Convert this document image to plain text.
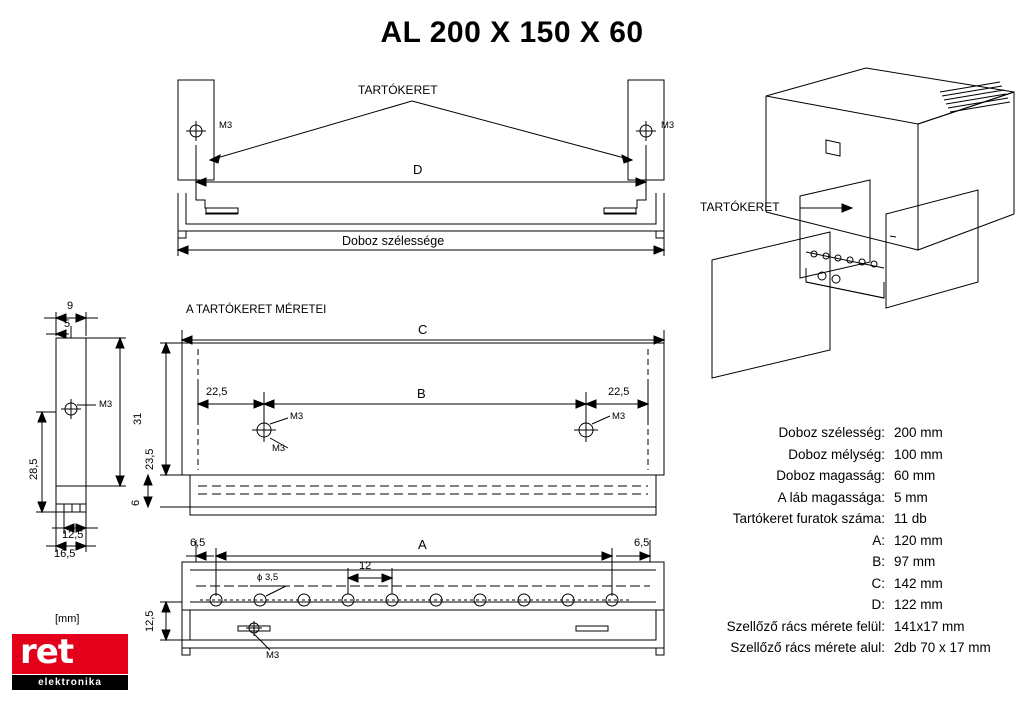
AL 200 X 150 X 60
TARTÓKERET
M3	M3
D
Doboz szélessége
9
5
31
28,5
12,5
16,5
M3
A TARTÓKERET MÉRETEI
C
B
22,5	22,5
23,5
6
M3
M3
M3
A
6,5	6,5
12
12,5
ϕ 3,5
M3
TARTÓKERET
[mm]
Doboz szélesség: 200 mm
Doboz mélység: 100 mm
Doboz magasság: 60 mm
A láb magassága: 5 mm
Tartókeret furatok száma: 11 db
A: 120 mm
B: 97 mm
C: 142 mm
D: 122 mm
Szellőző rács mérete felül: 141x17 mm
Szellőző rács mérete alul: 2db 70 x 17 mm
ret
elektronika
